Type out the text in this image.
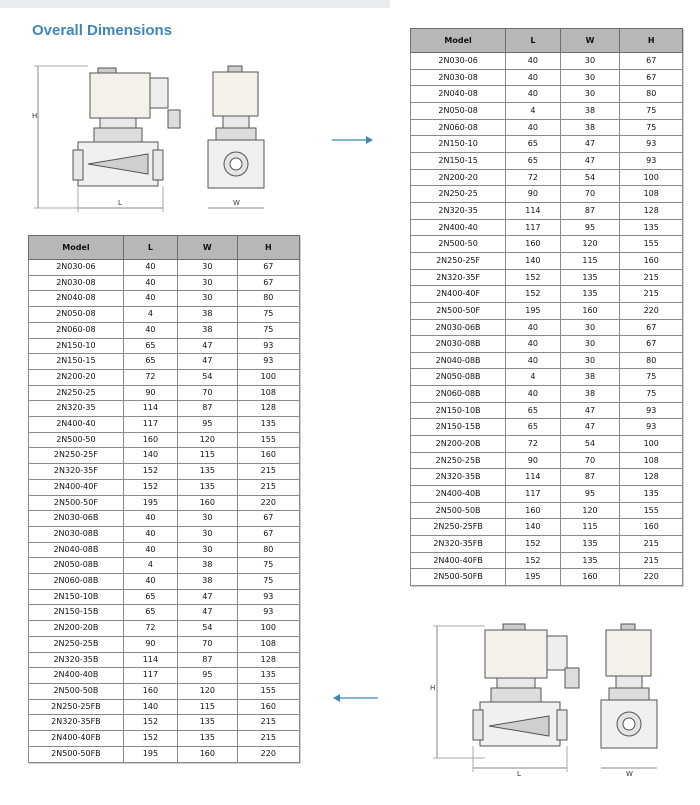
Overall Dimensions
H
L	W
Model	L	W	H
2N030-06	40	30	67
2N030-08	40	30	67
2N040-08	40	30	80
2N050-08	4	38	75
2N060-08	40	38	75
2N150-10	65	47	93
2N150-15	65	47	93
2N200-20	72	54	100
2N250-25	90	70	108
2N320-35	114	87	128
2N400-40	117	95	135
2N500-50	160	120	155
2N250-25F	140	115	160
2N320-35F	152	135	215
2N400-40F	152	135	215
2N500-50F	195	160	220
2N030-06B	40	30	67
2N030-08B	40	30	67
2N040-08B	40	30	80
2N050-08B	4	38	75
2N060-08B	40	38	75
2N150-10B	65	47	93
2N150-15B	65	47	93
2N200-20B	72	54	100
2N250-25B	90	70	108
2N320-35B	114	87	128
2N400-40B	117	95	135
2N500-50B	160	120	155
2N250-25FB	140	115	160
2N320-35FB	152	135	215
2N400-40FB	152	135	215
2N500-50FB	195	160	220
Model	L	W	H
2N030-06	40	30	67
2N030-08	40	30	67
2N040-08	40	30	80
2N050-08	4	38	75
2N060-08	40	38	75
2N150-10	65	47	93
2N150-15	65	47	93
2N200-20	72	54	100
2N250-25	90	70	108
2N320-35	114	87	128
2N400-40	117	95	135
2N500-50	160	120	155
2N250-25F	140	115	160
2N320-35F	152	135	215
2N400-40F	152	135	215
2N500-50F	195	160	220
2N030-06B	40	30	67
2N030-08B	40	30	67
2N040-08B	40	30	80
2N050-08B	4	38	75
2N060-08B	40	38	75
2N150-10B	65	47	93
2N150-15B	65	47	93
2N200-20B	72	54	100
2N250-25B	90	70	108
2N320-35B	114	87	128
2N400-40B	117	95	135
2N500-50B	160	120	155
2N250-25FB	140	115	160
2N320-35FB	152	135	215
2N400-40FB	152	135	215
2N500-50FB	195	160	220
H
L	W
